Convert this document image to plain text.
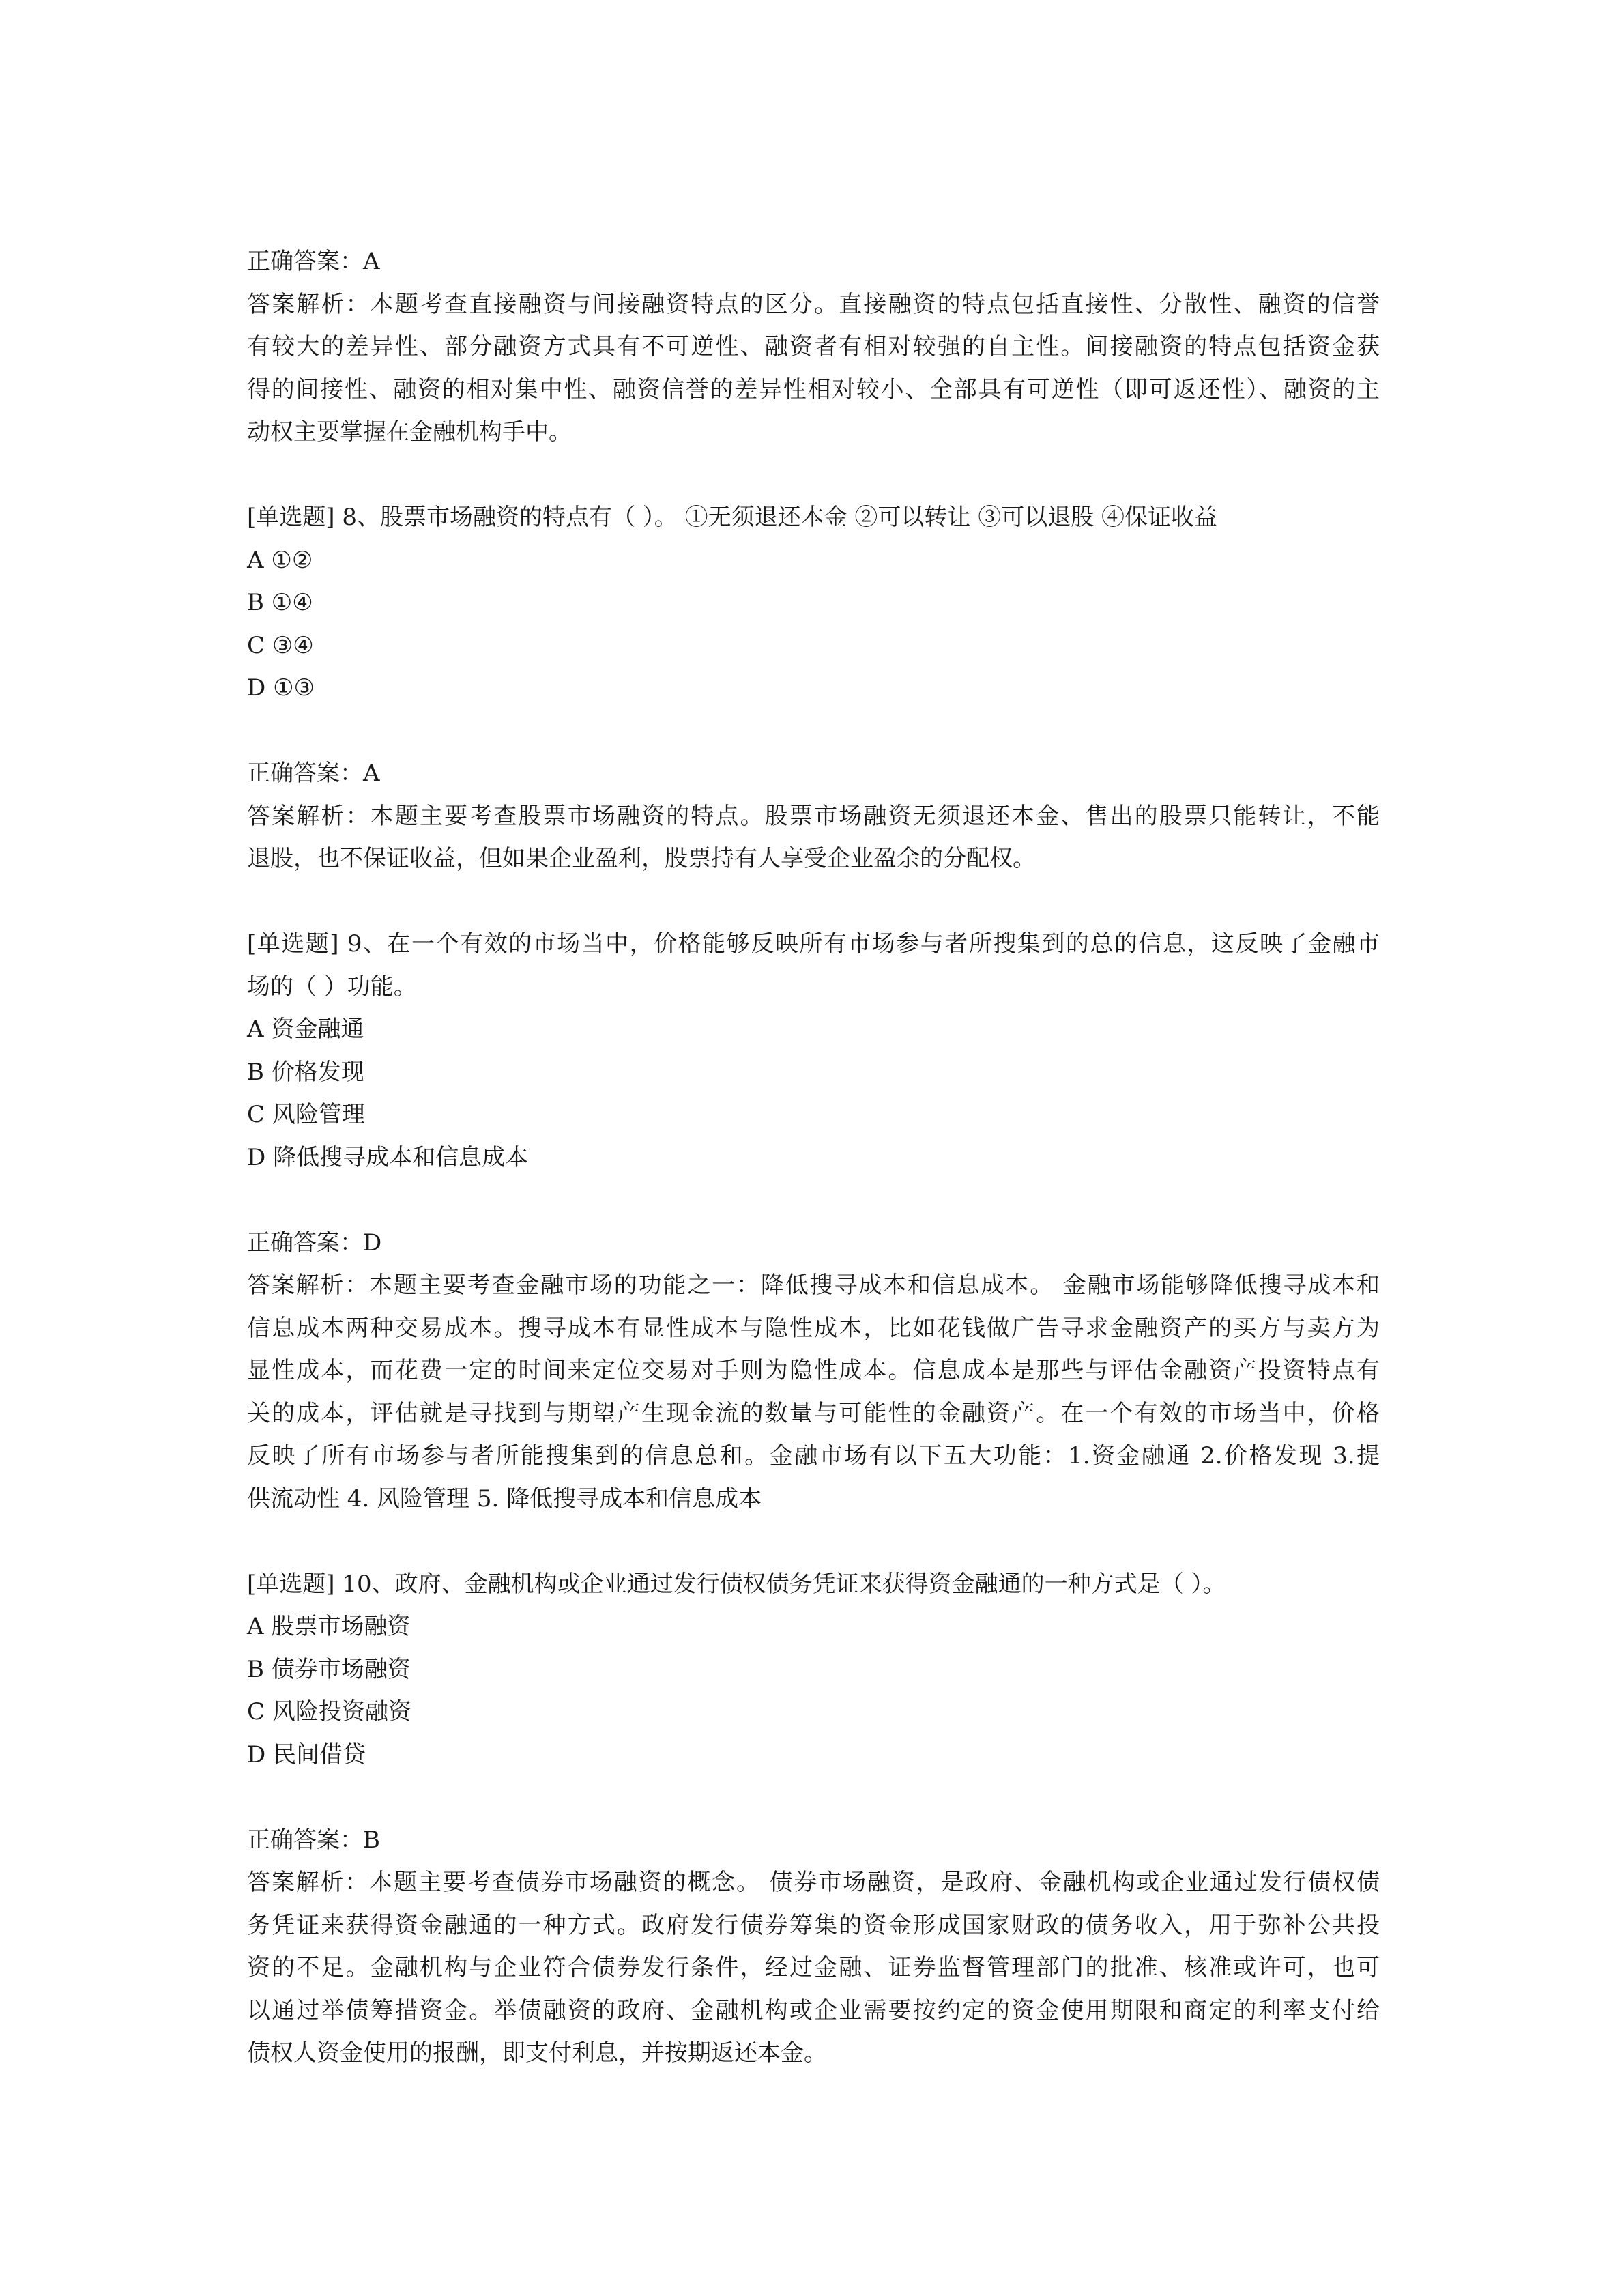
正确答案：A
答案解析：本题考查直接融资与间接融资特点的区分。直接融资的特点包括直接性、分散性、融资的信誉
有较大的差异性、部分融资方式具有不可逆性、融资者有相对较强的自主性。间接融资的特点包括资金获
得的间接性、融资的相对集中性、融资信誉的差异性相对较小、全部具有可逆性（即可返还性）、融资的主
动权主要掌握在金融机构手中。
[单选题] 8、股票市场融资的特点有（ ）。 ①无须退还本金 ②可以转让 ③可以退股 ④保证收益
A ①②
B ①④
C ③④
D ①③
正确答案：A
答案解析：本题主要考查股票市场融资的特点。股票市场融资无须退还本金、售出的股票只能转让，不能
退股，也不保证收益，但如果企业盈利，股票持有人享受企业盈余的分配权。
[单选题] 9、在一个有效的市场当中，价格能够反映所有市场参与者所搜集到的总的信息，这反映了金融市
场的（ ）功能。
A 资金融通
B 价格发现
C 风险管理
D 降低搜寻成本和信息成本
正确答案：D
答案解析：本题主要考查金融市场的功能之一：降低搜寻成本和信息成本。 金融市场能够降低搜寻成本和
信息成本两种交易成本。搜寻成本有显性成本与隐性成本，比如花钱做广告寻求金融资产的买方与卖方为
显性成本，而花费一定的时间来定位交易对手则为隐性成本。信息成本是那些与评估金融资产投资特点有
关的成本，评估就是寻找到与期望产生现金流的数量与可能性的金融资产。在一个有效的市场当中，价格
反映了所有市场参与者所能搜集到的信息总和。金融市场有以下五大功能：1.资金融通 2.价格发现 3.提
供流动性 4. 风险管理 5. 降低搜寻成本和信息成本
[单选题] 10、政府、金融机构或企业通过发行债权债务凭证来获得资金融通的一种方式是（ ）。
A 股票市场融资
B 债券市场融资
C 风险投资融资
D 民间借贷
正确答案：B
答案解析：本题主要考查债券市场融资的概念。 债券市场融资，是政府、金融机构或企业通过发行债权债
务凭证来获得资金融通的一种方式。政府发行债券筹集的资金形成国家财政的债务收入，用于弥补公共投
资的不足。金融机构与企业符合债券发行条件，经过金融、证券监督管理部门的批准、核准或许可，也可
以通过举债筹措资金。举债融资的政府、金融机构或企业需要按约定的资金使用期限和商定的利率支付给
债权人资金使用的报酬，即支付利息，并按期返还本金。
